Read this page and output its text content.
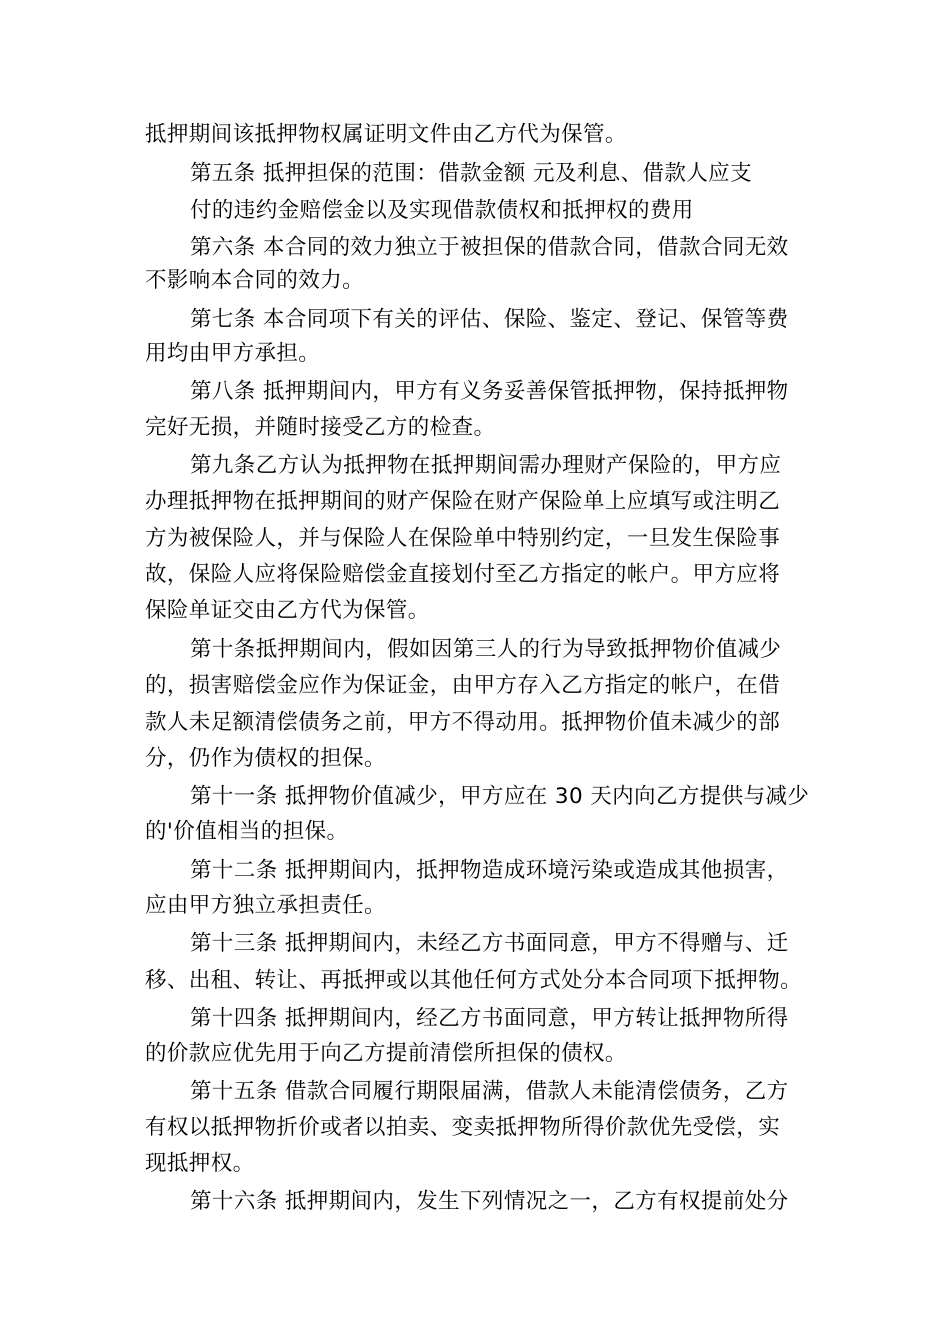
抵押期间该抵押物权属证明文件由乙方代为保管。
第五条 抵押担保的范围：借款金额 元及利息、借款人应支
付的违约金赔偿金以及实现借款债权和抵押权的费用
第六条 本合同的效力独立于被担保的借款合同，借款合同无效
不影响本合同的效力。
第七条 本合同项下有关的评估、保险、鉴定、登记、保管等费
用均由甲方承担。
第八条 抵押期间内，甲方有义务妥善保管抵押物，保持抵押物
完好无损，并随时接受乙方的检查。
第九条乙方认为抵押物在抵押期间需办理财产保险的，甲方应
办理抵押物在抵押期间的财产保险在财产保险单上应填写或注明乙
方为被保险人，并与保险人在保险单中特别约定，一旦发生保险事
故，保险人应将保险赔偿金直接划付至乙方指定的帐户。甲方应将
保险单证交由乙方代为保管。
第十条抵押期间内，假如因第三人的行为导致抵押物价值减少
的，损害赔偿金应作为保证金，由甲方存入乙方指定的帐户，在借
款人未足额清偿债务之前，甲方不得动用。抵押物价值未减少的部
分，仍作为债权的担保。
第十一条 抵押物价值减少，甲方应在 30 天内向乙方提供与减少
的'价值相当的担保。
第十二条 抵押期间内，抵押物造成环境污染或造成其他损害，
应由甲方独立承担责任。
第十三条 抵押期间内，未经乙方书面同意，甲方不得赠与、迁
移、出租、转让、再抵押或以其他任何方式处分本合同项下抵押物。
第十四条 抵押期间内，经乙方书面同意，甲方转让抵押物所得
的价款应优先用于向乙方提前清偿所担保的债权。
第十五条 借款合同履行期限届满，借款人未能清偿债务，乙方
有权以抵押物折价或者以拍卖、变卖抵押物所得价款优先受偿，实
现抵押权。
第十六条 抵押期间内，发生下列情况之一，乙方有权提前处分
